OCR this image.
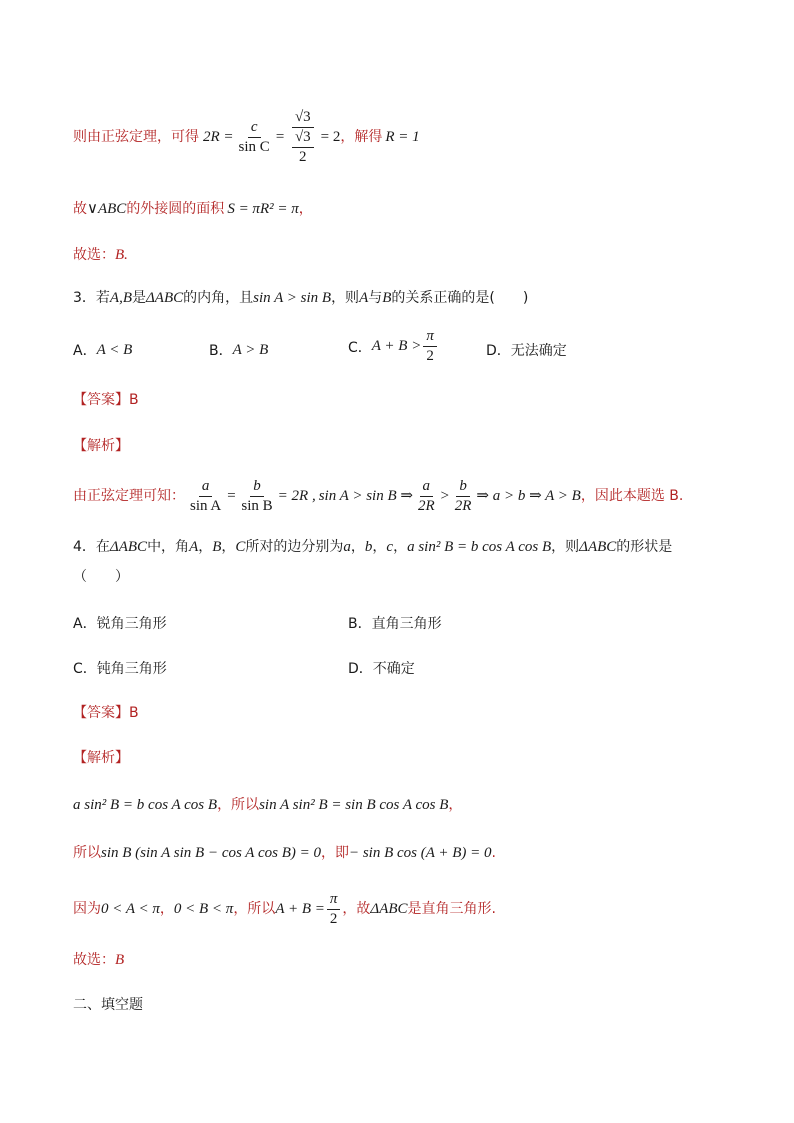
则由正弦定理，可得 $2R = \frac{c}{\text{sin C}} = \frac{√3}{\frac{√3}{2}} = 2$ ，解得 R = 1
故 ∨ABC 的外接圆的面积 S = πR² = π ，
故选： B.
3．若 A,B 是 ΔABC 的内角，且 sin A > sin B ，则 A 与 B 的关系正确的是(　　)
A． A < B	B． A > B	C． $A + B > \frac{\pi}{2}$	D．无法确定
【答案】 B
【解析】
由正弦定理可知： $\frac{a}{\text{sin A}} = \frac{b}{\text{sin B}} = 2R$ , sin A > sin B ⇒ $\frac{a}{2R} > \frac{b}{2R}$ ⇒ a > b ⇒ A > B ，因此本题选 B.
4．在 ΔABC 中，角 A ， B ， C 所对的边分别为 a ， b ， c ， a sin² B = b cos A cos B ，则 ΔABC 的形状是
（　　）
A．锐角三角形	B．直角三角形
C．钝角三角形	D．不确定
【答案】 B
【解析】
a sin² B = b cos A cos B ，所以 sin A sin² B = sin B cos A cos B ，
所以 sin B (sin A sin B − cos A cos B) = 0 ，即 − sin B cos (A + B) = 0 .
因为 0 < A < π ， 0 < B < π ，所以 $A + B = \frac{\pi}{2}$ ，故 ΔABC 是直角三角形.
故选： B
二、填空题
